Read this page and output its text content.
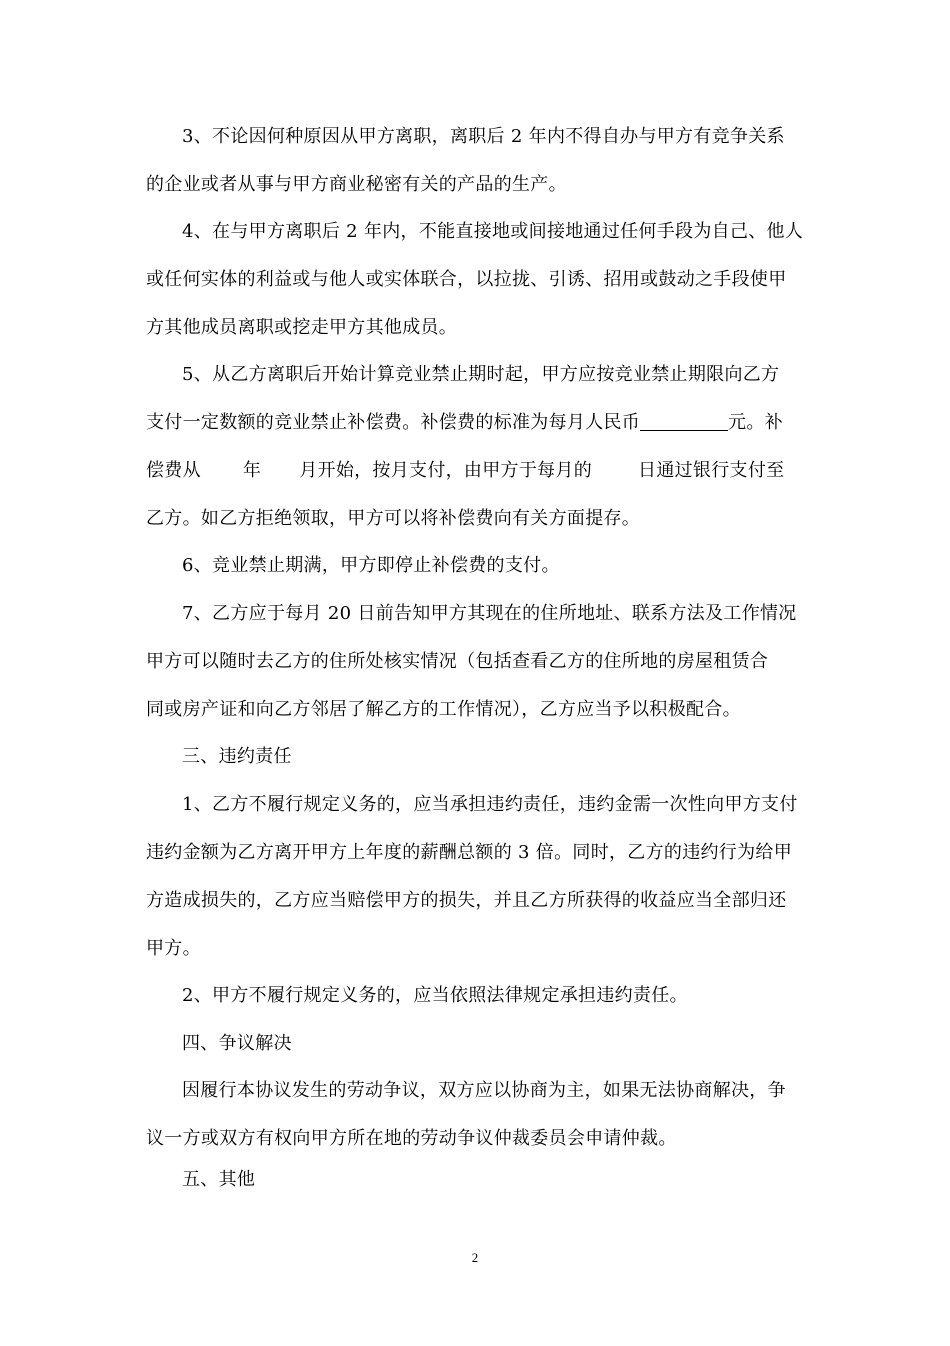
3、不论因何种原因从甲方离职，离职后 2 年内不得自办与甲方有竞争关系
的企业或者从事与甲方商业秘密有关的产品的生产。
4、在与甲方离职后 2 年内，不能直接地或间接地通过任何手段为自己、他人
或任何实体的利益或与他人或实体联合，以拉拢、引诱、招用或鼓动之手段使甲
方其他成员离职或挖走甲方其他成员。
5、从乙方离职后开始计算竞业禁止期时起，甲方应按竞业禁止期限向乙方
支付一定数额的竞业禁止补偿费。补偿费的标准为每月人民币	元。补
偿费从 年 月开始，按月支付，由甲方于每月的	日通过银行支付至
乙方。如乙方拒绝领取，甲方可以将补偿费向有关方面提存。
6、竞业禁止期满，甲方即停止补偿费的支付。
7、乙方应于每月 20 日前告知甲方其现在的住所地址、联系方法及工作情况
甲方可以随时去乙方的住所处核实情况（包括查看乙方的住所地的房屋租赁合
同或房产证和向乙方邻居了解乙方的工作情况），乙方应当予以积极配合。
三、违约责任
1、乙方不履行规定义务的，应当承担违约责任，违约金需一次性向甲方支付
违约金额为乙方离开甲方上年度的薪酬总额的 3 倍。同时，乙方的违约行为给甲
方造成损失的，乙方应当赔偿甲方的损失，并且乙方所获得的收益应当全部归还
甲方。
2、甲方不履行规定义务的，应当依照法律规定承担违约责任。
四、争议解决
因履行本协议发生的劳动争议，双方应以协商为主，如果无法协商解决，争
议一方或双方有权向甲方所在地的劳动争议仲裁委员会申请仲裁。
五、其他
2
